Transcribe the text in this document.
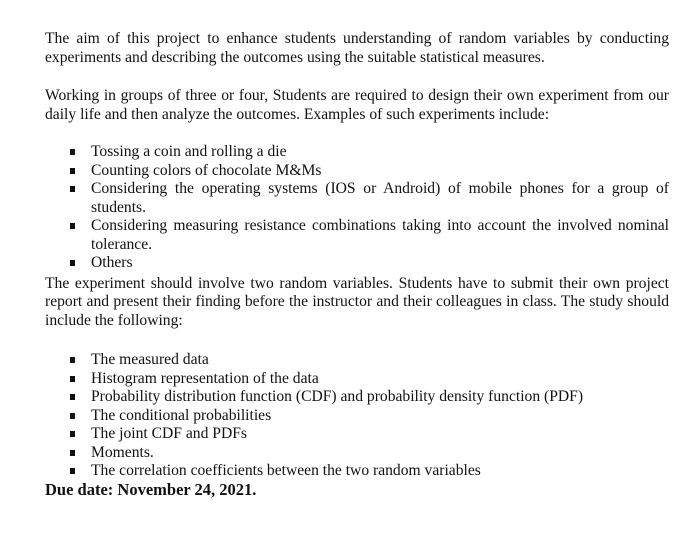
The aim of this project to enhance students understanding of random variables by conducting experiments and describing the outcomes using the suitable statistical measures.

Working in groups of three or four, Students are required to design their own experiment from our daily life and then analyze the outcomes. Examples of such experiments include:

Tossing a coin and rolling a die
Counting colors of chocolate M&Ms
Considering the operating systems (IOS or Android) of mobile phones for a group of students.
Considering measuring resistance combinations taking into account the involved nominal tolerance.
Others

The experiment should involve two random variables. Students have to submit their own project report and present their finding before the instructor and their colleagues in class. The study should include the following:

The measured data
Histogram representation of the data
Probability distribution function (CDF) and probability density function (PDF)
The conditional probabilities
The joint CDF and PDFs
Moments.
The correlation coefficients between the two random variables

Due date: November 24, 2021.
